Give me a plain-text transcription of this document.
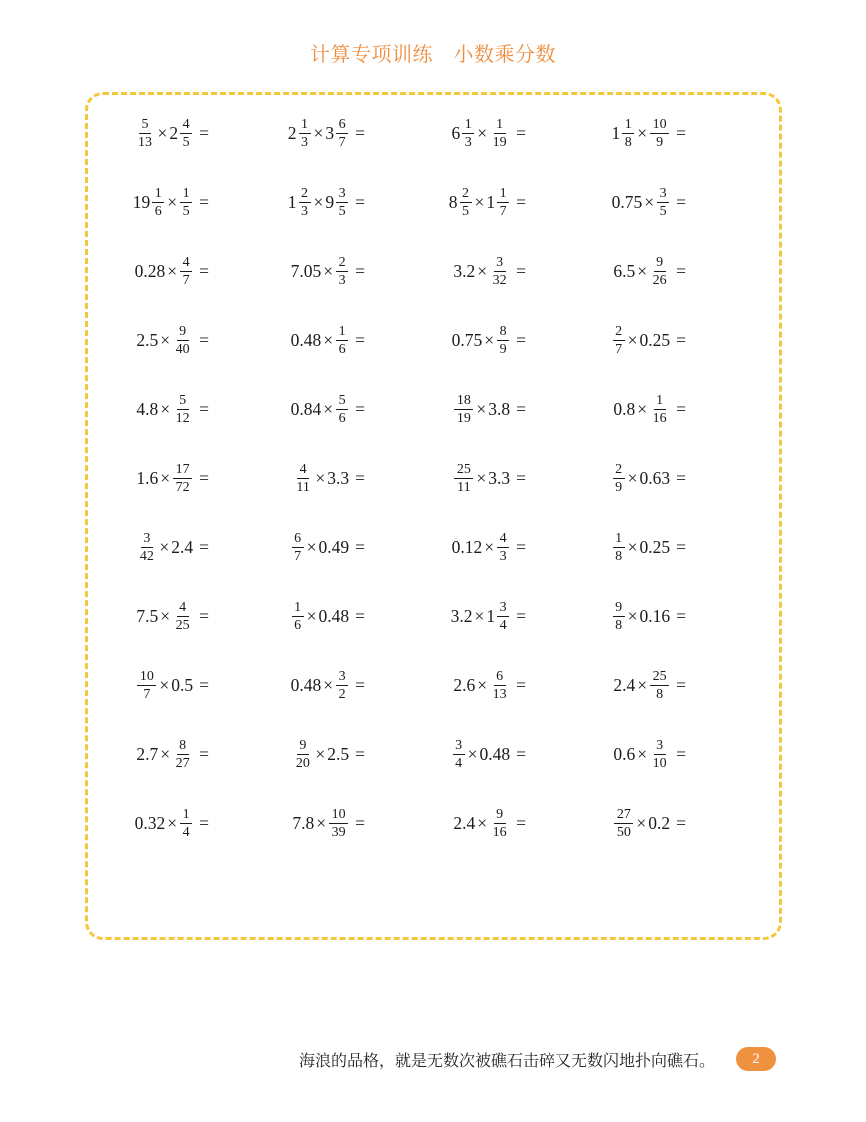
计算专项训练　小数乘分数
$\frac{5}{13} \times 2 \frac{4}{5}$ =	$2 \frac{1}{3} \times 3 \frac{6}{7}$ =	$6 \frac{1}{3} \times \frac{1}{19}$ =	$1 \frac{1}{8} \times \frac{10}{9}$ =
$19 \frac{1}{6} \times \frac{1}{5}$ =	$1 \frac{2}{3} \times 9 \frac{3}{5}$ =	$8 \frac{2}{5} \times 1 \frac{1}{7}$ =	$0.75 \times \frac{3}{5}$ =
$0.28 \times \frac{4}{7}$ =	$7.05 \times \frac{2}{3}$ =	$3.2 \times \frac{3}{32}$ =	$6.5 \times \frac{9}{26}$ =
$2.5 \times \frac{9}{40}$ =	$0.48 \times \frac{1}{6}$ =	$0.75 \times \frac{8}{9}$ =	$\frac{2}{7} \times 0.25$ =
$4.8 \times \frac{5}{12}$ =	$0.84 \times \frac{5}{6}$ =	$\frac{18}{19} \times 3.8$ =	$0.8 \times \frac{1}{16}$ =
$1.6 \times \frac{17}{72}$ =	$\frac{4}{11} \times 3.3$ =	$\frac{25}{11} \times 3.3$ =	$\frac{2}{9} \times 0.63$ =
$\frac{3}{42} \times 2.4$ =	$\frac{6}{7} \times 0.49$ =	$0.12 \times \frac{4}{3}$ =	$\frac{1}{8} \times 0.25$ =
$7.5 \times \frac{4}{25}$ =	$\frac{1}{6} \times 0.48$ =	$3.2 \times 1 \frac{3}{4}$ =	$\frac{9}{8} \times 0.16$ =
$\frac{10}{7} \times 0.5$ =	$0.48 \times \frac{3}{2}$ =	$2.6 \times \frac{6}{13}$ =	$2.4 \times \frac{25}{8}$ =
$2.7 \times \frac{8}{27}$ =	$\frac{9}{20} \times 2.5$ =	$\frac{3}{4} \times 0.48$ =	$0.6 \times \frac{3}{10}$ =
$0.32 \times \frac{1}{4}$ =	$7.8 \times \frac{10}{39}$ =	$2.4 \times \frac{9}{16}$ =	$\frac{27}{50} \times 0.2$ =
海浪的品格，就是无数次被礁石击碎又无数闪地扑向礁石。	2
